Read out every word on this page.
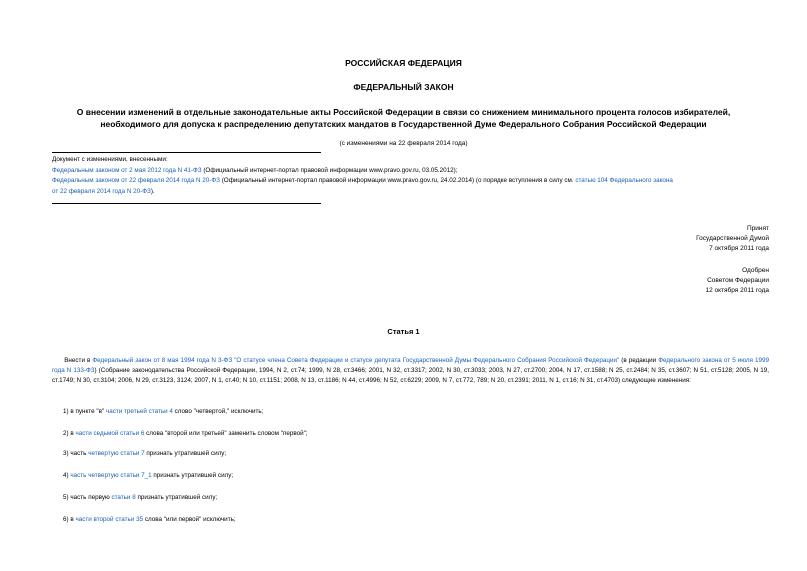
РОССИЙСКАЯ ФЕДЕРАЦИЯ
ФЕДЕРАЛЬНЫЙ ЗАКОН
О внесении изменений в отдельные законодательные акты Российской Федерации в связи со снижением минимального процента голосов избирателей,
необходимого для допуска к распределению депутатских мандатов в Государственной Думе Федерального Собрания Российской Федерации
(с изменениями на 22 февраля 2014 года)

Документ с изменениями, внесенными:

Федеральным законом от 2 мая 2012 года N 41-ФЗ (Официальный интернет-портал правовой информации www.pravo.gov.ru, 03.05.2012);

Федеральным законом от 22 февраля 2014 года N 20-ФЗ (Официальный интернет-портал правовой информации www.pravo.gov.ru, 24.02.2014) (о порядке вступления в силу см. статью 104 Федерального закона
от 22 февраля 2014 года N 20-ФЗ).

Принят

Государственной Думой

7 октября 2011 года

Одобрен

Советом Федерации

12 октября 2011 года

Статья 1

Внести в Федеральный закон от 8 мая 1994 года N 3-ФЗ "О статусе члена Совета Федерации и статусе депутата Государственной Думы Федерального Собрания Российской Федерации" (в редакции Федерального закона от 5 июля 1999 года N 133-ФЗ) (Собрание законодательства Российской Федерации, 1994, N 2, ст.74; 1999, N 28, ст.3466; 2001, N 32, ст.3317; 2002, N 30, ст.3033; 2003, N 27, ст.2700; 2004, N 17, ст.1588; N 25, ст.2484; N 35, ст.3607; N 51, ст.5128; 2005, N 19, ст.1749; N 30, ст.3104; 2006, N 29, ст.3123, 3124; 2007, N 1, ст.40; N 10, ст.1151; 2008, N 13, ст.1186; N 44, ст.4996; N 52, ст.6229; 2009, N 7, ст.772, 789; N 20, ст.2391; 2011, N 1, ст.16; N 31, ст.4703) следующие изменения:

1) в пункте "в" части третьей статьи 4 слово "четвертой," исключить;
2) в части седьмой статьи 6 слова "второй или третьей" заменить словом "первой";
3) часть четвертую статьи 7 признать утратившей силу;
4) часть четвертую статьи 7_1 признать утратившей силу;
5) часть первую статьи 8 признать утратившей силу;
6) в части второй статьи 35 слова "или первой" исключить;
